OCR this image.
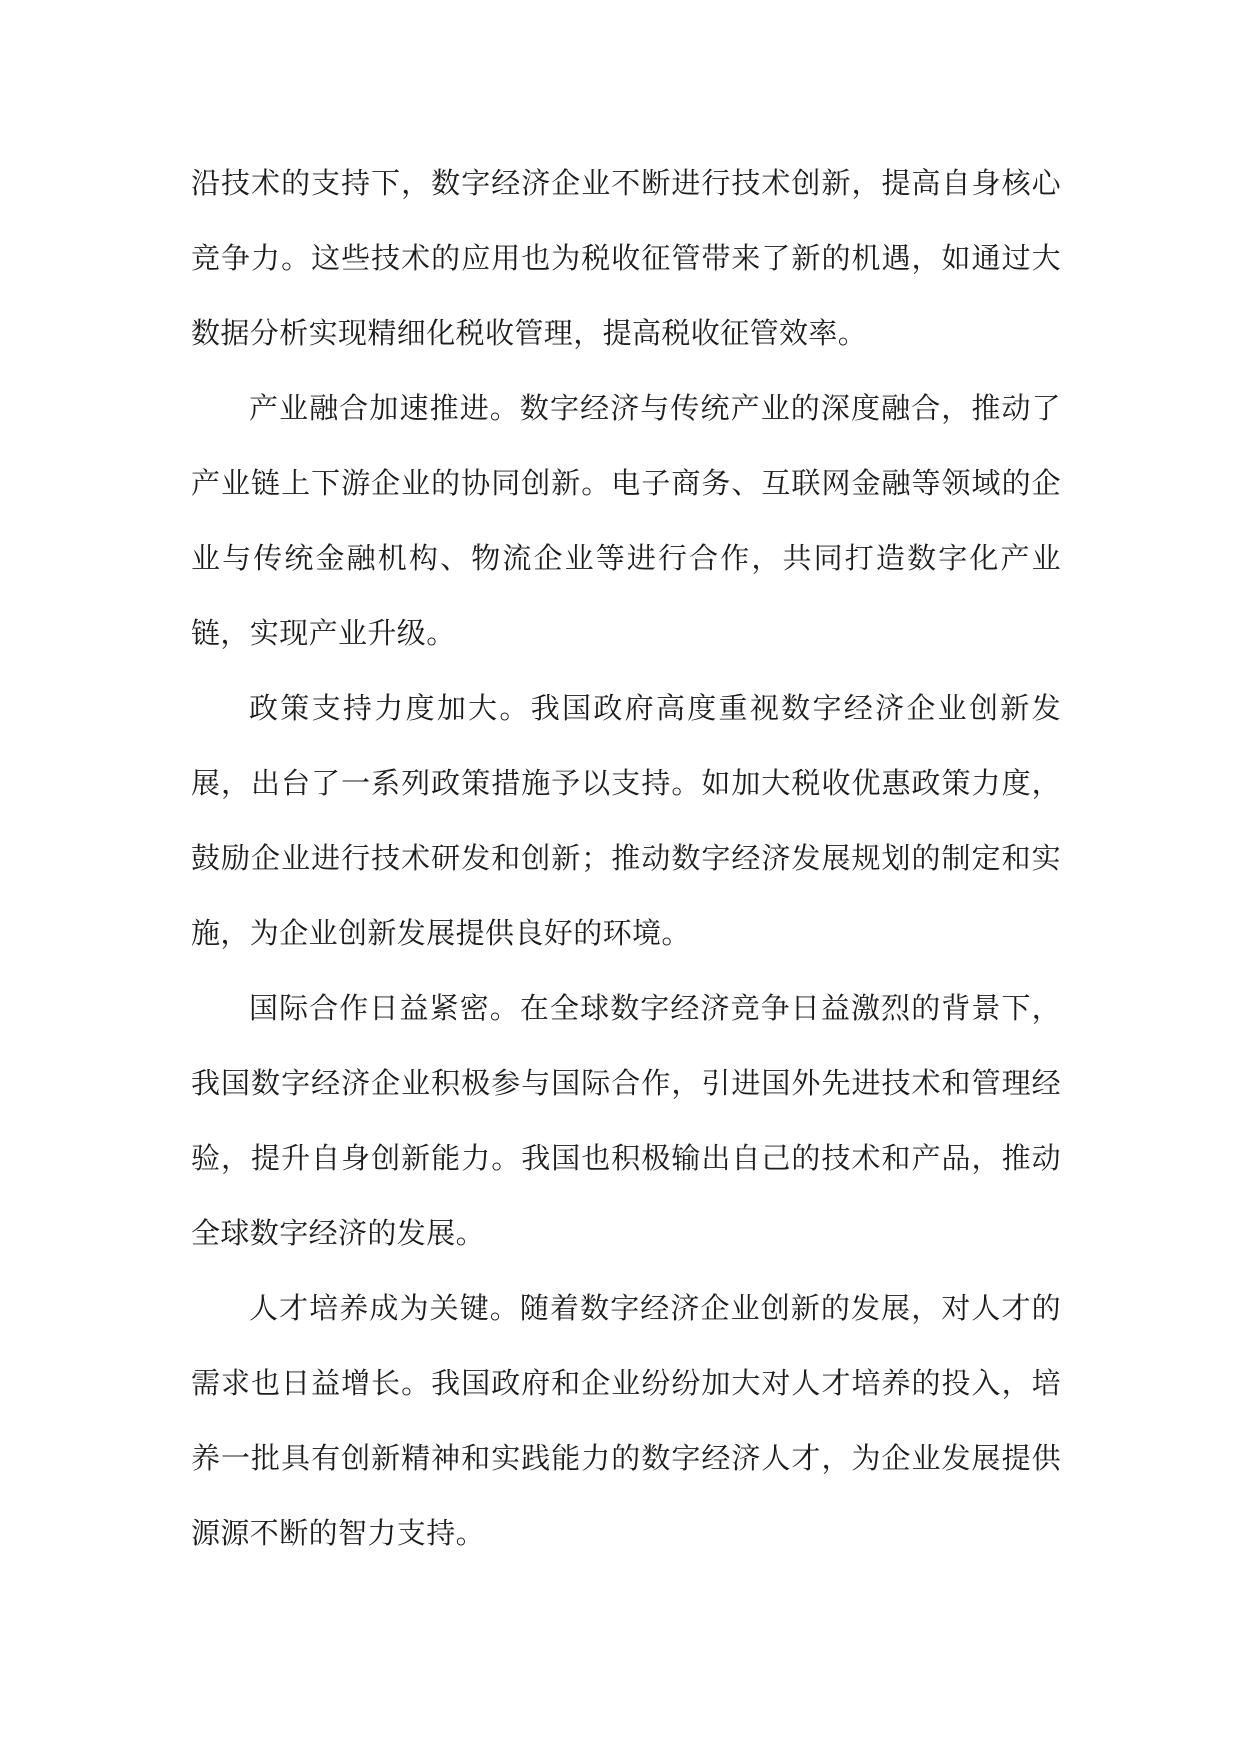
沿技术的支持下，数字经济企业不断进行技术创新，提高自身核心竞争力。这些技术的应用也为税收征管带来了新的机遇，如通过大数据分析实现精细化税收管理，提高税收征管效率。

产业融合加速推进。数字经济与传统产业的深度融合，推动了产业链上下游企业的协同创新。电子商务、互联网金融等领域的企业与传统金融机构、物流企业等进行合作，共同打造数字化产业链，实现产业升级。

政策支持力度加大。我国政府高度重视数字经济企业创新发展，出台了一系列政策措施予以支持。如加大税收优惠政策力度，鼓励企业进行技术研发和创新；推动数字经济发展规划的制定和实施，为企业创新发展提供良好的环境。

国际合作日益紧密。在全球数字经济竞争日益激烈的背景下，我国数字经济企业积极参与国际合作，引进国外先进技术和管理经验，提升自身创新能力。我国也积极输出自己的技术和产品，推动全球数字经济的发展。

人才培养成为关键。随着数字经济企业创新的发展，对人才的需求也日益增长。我国政府和企业纷纷加大对人才培养的投入，培养一批具有创新精神和实践能力的数字经济人才，为企业发展提供源源不断的智力支持。
